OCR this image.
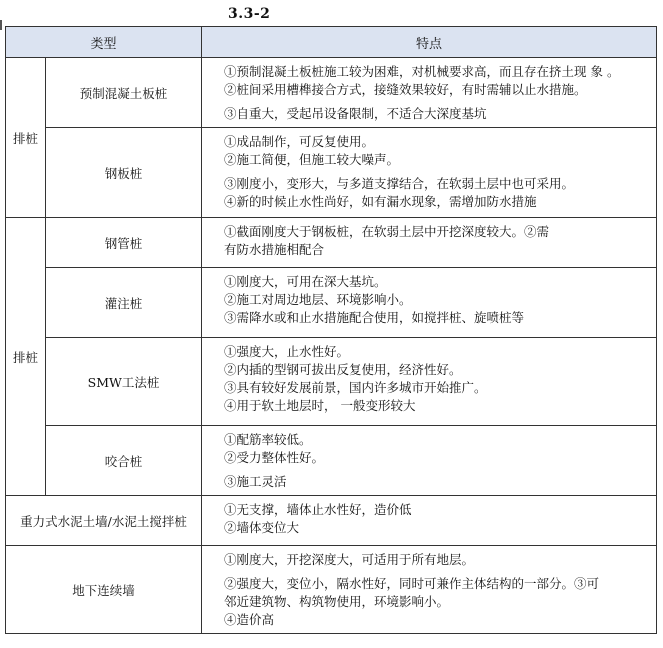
3.3-2
类型		特点
排桩	预制混凝土板桩	①预制混凝土板桩施工较为困难，对机械要求高，而且存在挤土现 象 。
②桩间采用槽榫接合方式，接缝效果较好，有时需辅以止水措施。
③自重大，受起吊设备限制，不适合大深度基坑

	钢板桩	①成品制作，可反复使用。
②施工简便，但施工较大噪声。
③刚度小，变形大，与多道支撑结合，在软弱土层中也可采用。
④新的时候止水性尚好，如有漏水现象，需增加防水措施

排桩	钢管桩	①截面刚度大于钢板桩，在软弱土层中开挖深度较大。②需
有防水措施相配合

	灌注桩	①刚度大，可用在深大基坑。
②施工对周边地层、环境影响小。
③需降水或和止水措施配合使用，如搅拌桩、旋喷桩等

	SMW工法桩	①强度大，止水性好。
②内插的型钢可拔出反复使用，经济性好。
③具有较好发展前景，国内许多城市开始推广。
④用于软土地层时， 一般变形较大

	咬合桩	①配筋率较低。
②受力整体性好。
③施工灵活

重力式水泥土墙/水泥土搅拌桩		①无支撑，墙体止水性好，造价低
②墙体变位大

地下连续墙		①刚度大，开挖深度大，可适用于所有地层。
②强度大，变位小，隔水性好，同时可兼作主体结构的一部分。③可
邻近建筑物、构筑物使用，环境影响小。
④造价高
